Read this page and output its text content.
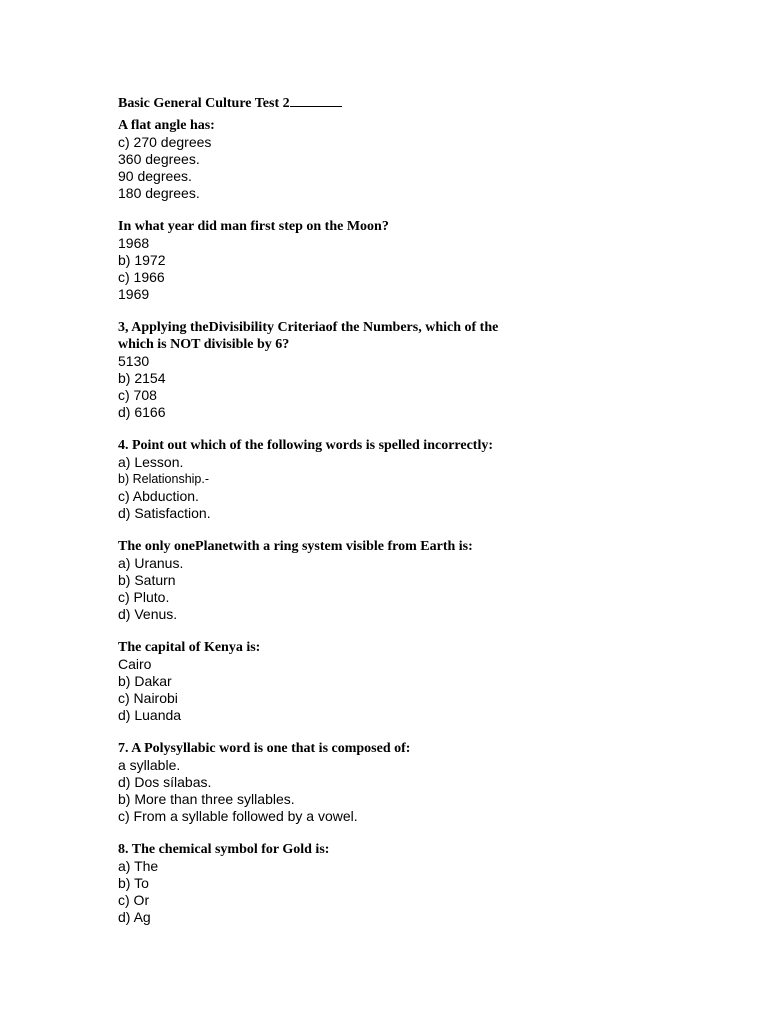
Basic General Culture Test 2
A flat angle has:
c) 270 degrees
360 degrees.
90 degrees.
180 degrees.
In what year did man first step on the Moon?
1968
b) 1972
c) 1966
1969
3, Applying theDivisibility Criteriaof the Numbers, which of the
which is NOT divisible by 6?
5130
b) 2154
c) 708
d) 6166
4. Point out which of the following words is spelled incorrectly:
a) Lesson.
b) Relationship.-
c) Abduction.
d) Satisfaction.
The only onePlanetwith a ring system visible from Earth is:
a) Uranus.
b) Saturn
c) Pluto.
d) Venus.
The capital of Kenya is:
Cairo
b) Dakar
c) Nairobi
d) Luanda
7. A Polysyllabic word is one that is composed of:
a syllable.
d) Dos sílabas.
b) More than three syllables.
c) From a syllable followed by a vowel.
8. The chemical symbol for Gold is:
a) The
b) To
c) Or
d) Ag
